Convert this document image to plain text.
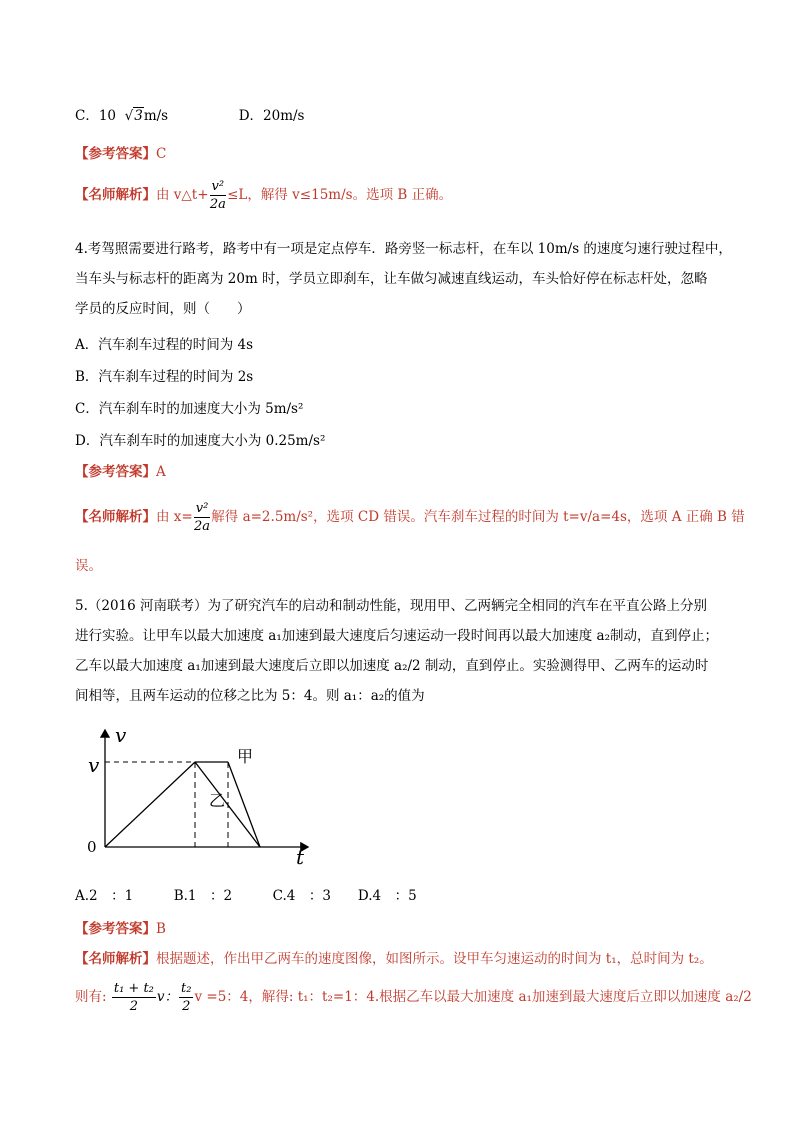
C．10 √3m/s	D．20m/s
【参考答案】C
【名师解析】由 v△t+ $\frac{\text{v²}}{2a} \le L$，解得 v≤15m/s。选项 B 正确。
4.考驾照需要进行路考，路考中有一项是定点停车．路旁竖一标志杆，在车以 10m/s 的速度匀速行驶过程中，
当车头与标志杆的距离为 20m 时，学员立即刹车，让车做匀减速直线运动，车头恰好停在标志杆处，忽略
学员的反应时间，则（　　）
A．汽车刹车过程的时间为 4s
B．汽车刹车过程的时间为 2s
C．汽车刹车时的加速度大小为 5m/s²
D．汽车刹车时的加速度大小为 0.25m/s²
【参考答案】A
【名师解析】由 $x= \frac{\text{v²}}{2a}$ 解得 a=2.5m/s²，选项 CD 错误。汽车刹车过程的时间为 t=v/a=4s，选项 A 正确 B 错
误。
5.（2016 河南联考）为了研究汽车的启动和制动性能，现用甲、乙两辆完全相同的汽车在平直公路上分别
进行实验。让甲车以最大加速度 a₁加速到最大速度后匀速运动一段时间再以最大加速度 a₂制动，直到停止；
乙车以最大加速度 a₁加速到最大速度后立即以加速度 a₂/2 制动，直到停止。实验测得甲、乙两车的运动时
间相等，且两车运动的位移之比为 5：4。则 a₁：a₂的值为
v
v
0	t
甲
乙
A.2　：1　　　B.1　：2　　　C.4　：3　　D.4　：5
【参考答案】B
【名师解析】根据题述，作出甲乙两车的速度图像，如图所示。设甲车匀速运动的时间为 t₁，总时间为 t₂。
则有: $\frac{\text{t₁ + t₂}}{2}$ v： $\frac{\text{t₂}}{2}$ v =5：4，解得: t₁：t₂=1：4.根据乙车以最大加速度 a₁加速到最大速度后立即以加速度 a₂/2
